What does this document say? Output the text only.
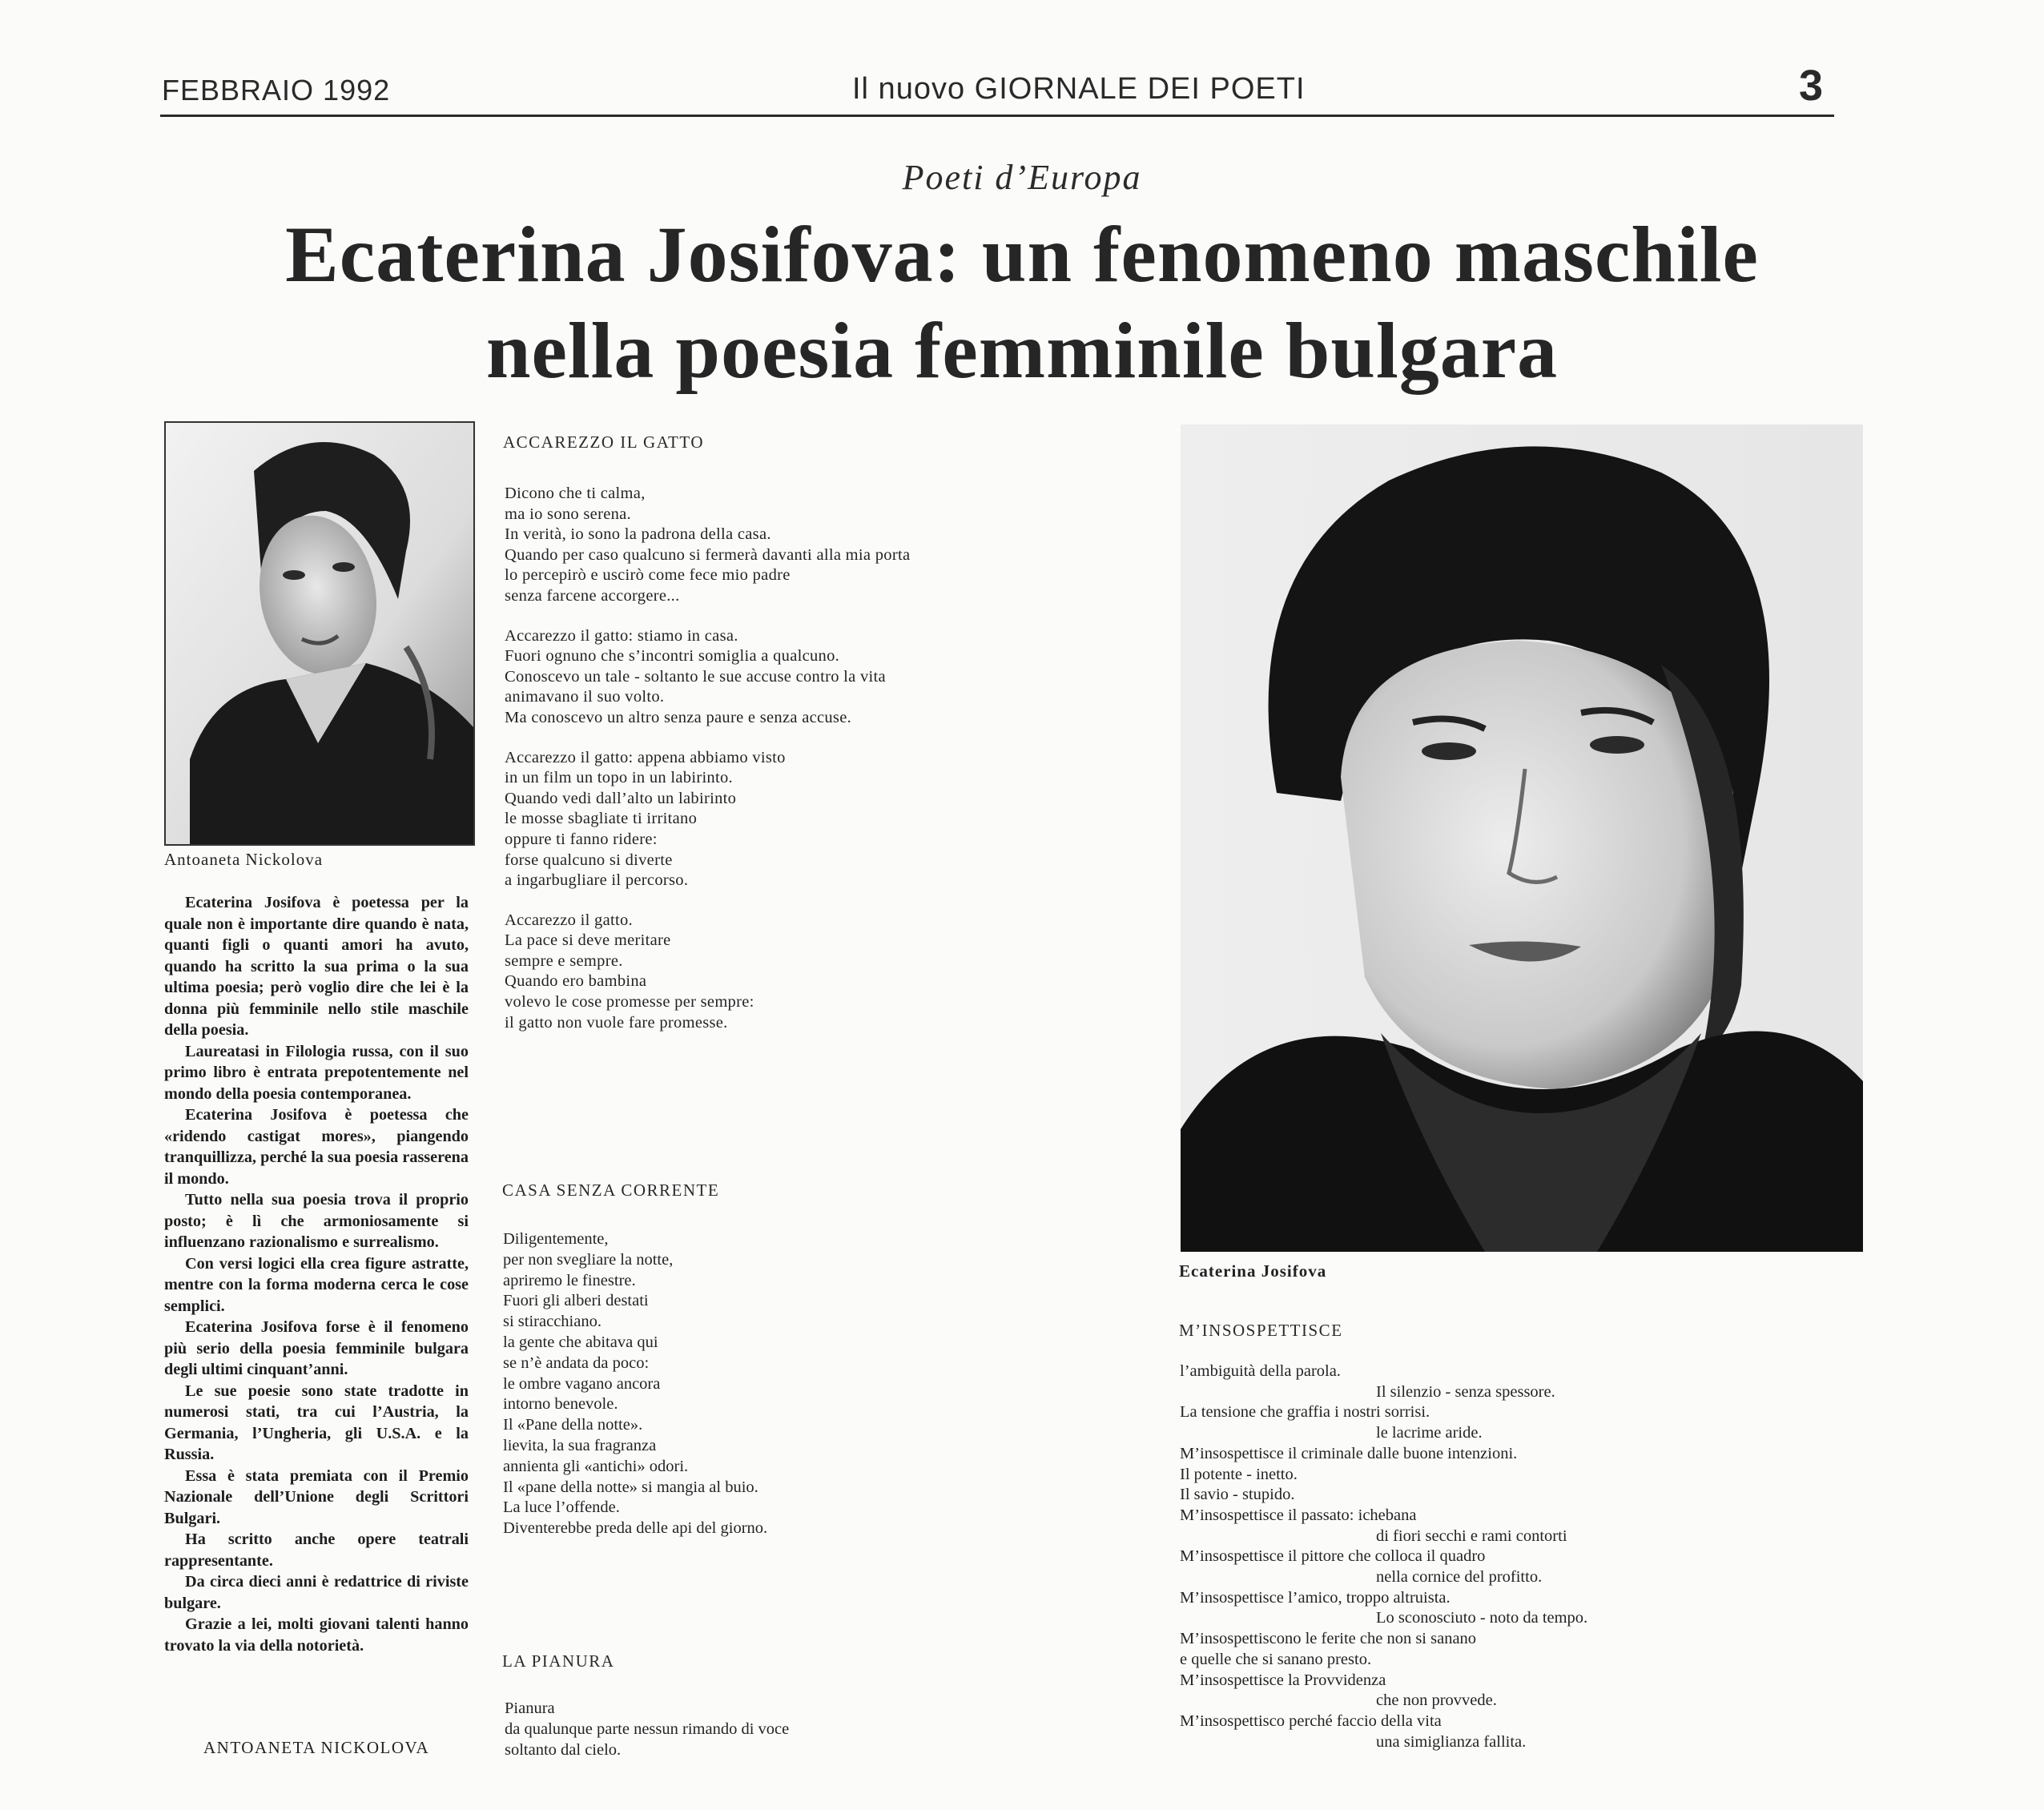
FEBBRAIO 1992	Il nuovo GIORNALE DEI POETI	3
Poeti d’Europa
Ecaterina Josifova: un fenomeno maschile
nella poesia femminile bulgara
Antoaneta Nickolova

Ecaterina Josifova è poetessa per la quale non è importante dire quando è nata, quanti figli o quanti amori ha avuto, quando ha scritto la sua prima o la sua ultima poesia; però voglio dire che lei è la donna più femminile nello stile maschile della poesia.

Laureatasi in Filologia russa, con il suo primo libro è entrata prepotentemente nel mondo della poesia contemporanea.

Ecaterina Josifova è poetessa che «ridendo castigat mores», piangendo tranquillizza, perché la sua poesia rasserena il mondo.

Tutto nella sua poesia trova il proprio posto; è lì che armoniosamente si influenzano razionalismo e surrealismo.

Con versi logici ella crea figure astratte, mentre con la forma moderna cerca le cose semplici.

Ecaterina Josifova forse è il fenomeno più serio della poesia femminile bulgara degli ultimi cinquant’anni.

Le sue poesie sono state tradotte in numerosi stati, tra cui l’Austria, la Germania, l’Ungheria, gli U.S.A. e la Russia.

Essa è stata premiata con il Premio Nazionale dell’Unione degli Scrittori Bulgari.

Ha scritto anche opere teatrali rappresentante.

Da circa dieci anni è redattrice di riviste bulgare.

Grazie a lei, molti giovani talenti hanno trovato la via della notorietà.

ANTOANETA NICKOLOVA
ACCAREZZO IL GATTO
Dicono che ti calma,
ma io sono serena.
In verità, io sono la padrona della casa.
Quando per caso qualcuno si fermerà davanti alla mia porta
lo percepirò e uscirò come fece mio padre
senza farcene accorgere...
Accarezzo il gatto: stiamo in casa.
Fuori ognuno che s’incontri somiglia a qualcuno.
Conoscevo un tale - soltanto le sue accuse contro la vita
animavano il suo volto.
Ma conoscevo un altro senza paure e senza accuse.
Accarezzo il gatto: appena abbiamo visto
in un film un topo in un labirinto.
Quando vedi dall’alto un labirinto
le mosse sbagliate ti irritano
oppure ti fanno ridere:
forse qualcuno si diverte
a ingarbugliare il percorso.
Accarezzo il gatto.
La pace si deve meritare
sempre e sempre.
Quando ero bambina
volevo le cose promesse per sempre:
il gatto non vuole fare promesse.
CASA SENZA CORRENTE
Diligentemente,
per non svegliare la notte,
apriremo le finestre.
Fuori gli alberi destati
si stiracchiano.
la gente che abitava qui
se n’è andata da poco:
le ombre vagano ancora
intorno benevole.
Il «Pane della notte».
lievita, la sua fragranza
annienta gli «antichi» odori.
Il «pane della notte» si mangia al buio.
La luce l’offende.
Diventerebbe preda delle api del giorno.
LA PIANURA
Pianura
da qualunque parte nessun rimando di voce
soltanto dal cielo.
Ecaterina Josifova
M’INSOSPETTISCE
l’ambiguità della parola.
Il silenzio - senza spessore.
La tensione che graffia i nostri sorrisi.
le lacrime aride.
M’insospettisce il criminale dalle buone intenzioni.
Il potente - inetto.
Il savio - stupido.
M’insospettisce il passato: ichebana
di fiori secchi e rami contorti
M’insospettisce il pittore che colloca il quadro
nella cornice del profitto.
M’insospettisce l’amico, troppo altruista.
Lo sconosciuto - noto da tempo.
M’insospettiscono le ferite che non si sanano
e quelle che si sanano presto.
M’insospettisce la Provvidenza
che non provvede.
M’insospettisco perché faccio della vita
una simiglianza fallita.
